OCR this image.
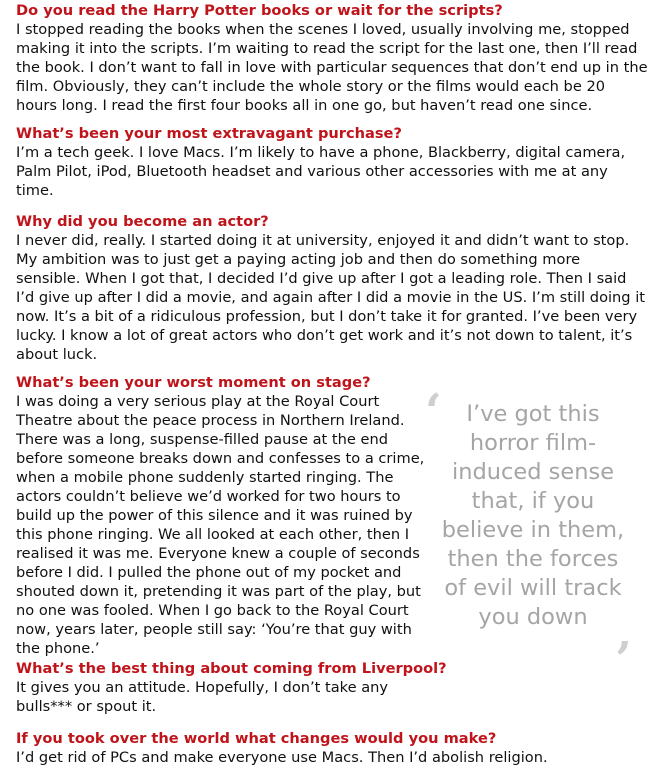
Do you read the Harry Potter books or wait for the scripts?

I stopped reading the books when the scenes I loved, usually involving me, stopped making it into the scripts. I’m waiting to read the script for the last one, then I’ll read the book. I don’t want to fall in love with particular sequences that don’t end up in the film. Obviously, they can’t include the whole story or the films would each be 20 hours long. I read the first four books all in one go, but haven’t read one since.

What’s been your most extravagant purchase?

I’m a tech geek. I love Macs. I’m likely to have a phone, Blackberry, digital camera, Palm Pilot, iPod, Bluetooth headset and various other accessories with me at any time.

Why did you become an actor?

I never did, really. I started doing it at university, enjoyed it and didn’t want to stop. My ambition was to just get a paying acting job and then do something more sensible. When I got that, I decided I’d give up after I got a leading role. Then I said I’d give up after I did a movie, and again after I did a movie in the US. I’m still doing it now. It’s a bit of a ridiculous profession, but I don’t take it for granted. I’ve been very lucky. I know a lot of great actors who don’t get work and it’s not down to talent, it’s about luck.

What’s been your worst moment on stage?

I was doing a very serious play at the Royal Court Theatre about the peace process in Northern Ireland. There was a long, suspense-filled pause at the end before someone breaks down and confesses to a crime, when a mobile phone suddenly started ringing. The actors couldn’t believe we’d worked for two hours to build up the power of this silence and it was ruined by this phone ringing. We all looked at each other, then I realised it was me. Everyone knew a couple of seconds before I did. I pulled the phone out of my pocket and shouted down it, pretending it was part of the play, but no one was fooled. When I go back to the Royal Court now, years later, people still say: ‘You’re that guy with the phone.’

What’s the best thing about coming from Liverpool?

It gives you an attitude. Hopefully, I don’t take any bulls*** or spout it.

If you took over the world what changes would you make?

I’d get rid of PCs and make everyone use Macs. Then I’d abolish religion.

‘	I’ve got this horror film-induced sense that, if you believe in them, then the forces of evil will track you down
’
